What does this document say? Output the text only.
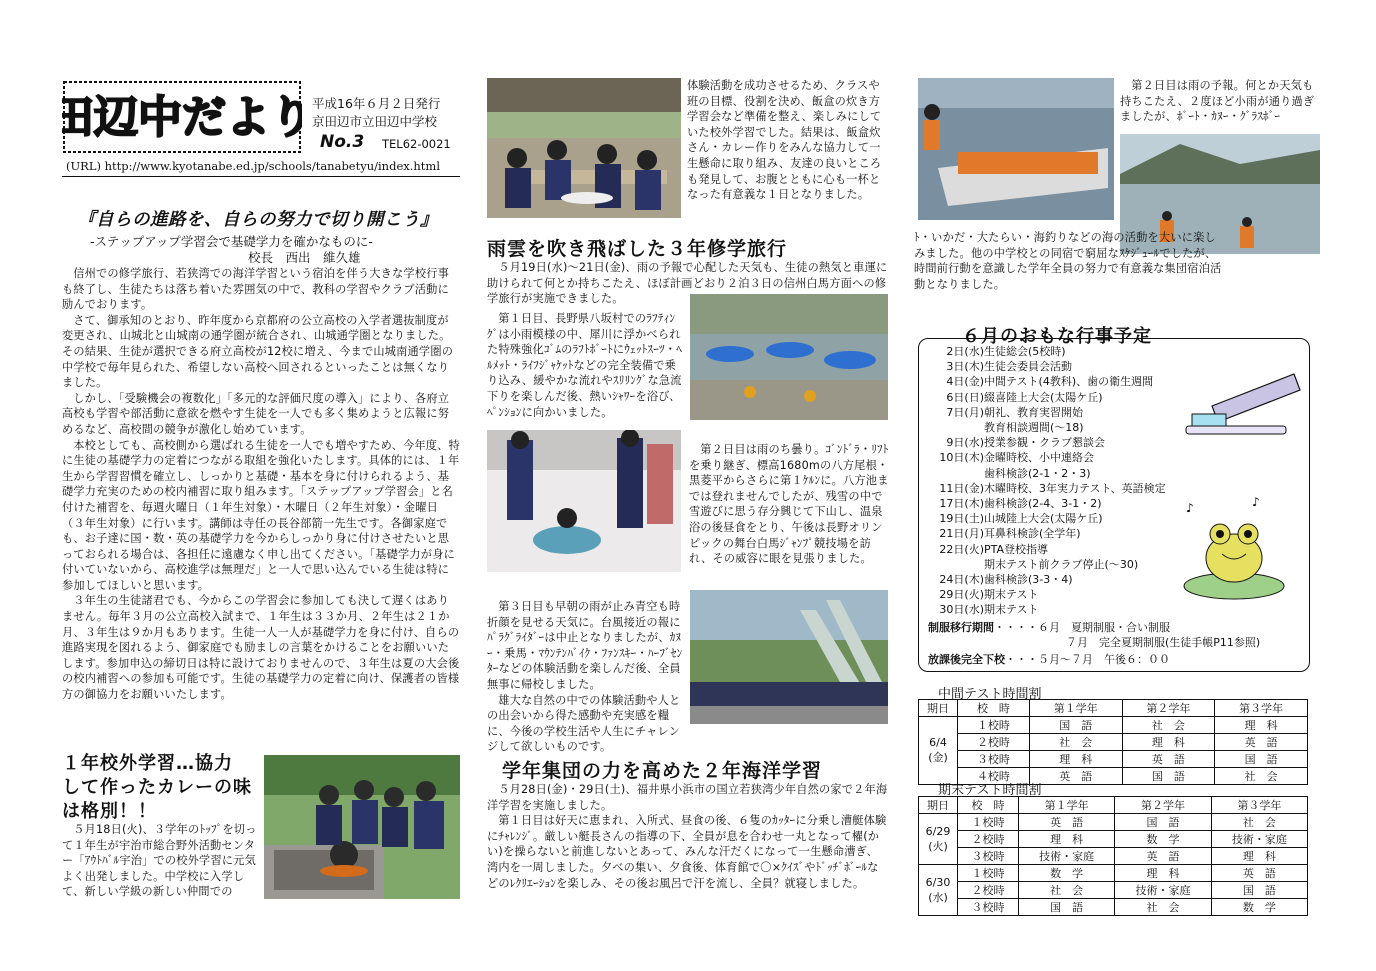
田辺中だより
平成16年６月２日発行
京田辺市立田辺中学校
No.3 TEL62-0021
(URL) http://www.kyotanabe.ed.jp/schools/tanabetyu/index.html
『自らの進路を、自らの努力で切り開こう』
-ステップアップ学習会で基礎学力を確かなものに-
校長　西出　維久雄

信州での修学旅行、若狭湾での海洋学習という宿泊を伴う大きな学校行事も終了し、生徒たちは落ち着いた雰囲気の中で、教科の学習やクラブ活動に励んでおります。

さて、御承知のとおり、昨年度から京都府の公立高校の入学者選抜制度が変更され、山城北と山城南の通学圏が統合され、山城通学圏となりました。その結果、生徒が選択できる府立高校が12校に増え、今まで山城南通学圏の中学校で毎年見られた、希望しない高校へ回されるといったことは無くなりました。

しかし、「受験機会の複数化」「多元的な評価尺度の導入」により、各府立高校も学習や部活動に意欲を燃やす生徒を一人でも多く集めようと広報に努めるなど、高校間の競争が激化し始めています。

本校としても、高校側から選ばれる生徒を一人でも増やすため、今年度、特に生徒の基礎学力の定着につながる取組を強化いたします。具体的には、１年生から学習習慣を確立し、しっかりと基礎・基本を身に付けられるよう、基礎学力充実のための校内補習に取り組みます。「ステップアップ学習会」と名付けた補習を、毎週火曜日（１年生対象）・木曜日（２年生対象）・金曜日（３年生対象）に行います。講師は寺任の長谷部箭一先生です。各御家庭でも、お子達に国・数・英の基礎学力を今からしっかり身に付けさせたいと思っておられる場合は、各担任に遠慮なく申し出てください。「基礎学力が身に付いていないから、高校進学は無理だ」と一人で思い込んでいる生徒は特に参加してほしいと思います。

３年生の生徒諸君でも、今からこの学習会に参加しても決して遅くはありません。毎年３月の公立高校入試まで、１年生は３３か月、２年生は２１か月、３年生は９か月もあります。生徒一人一人が基礎学力を身に付け、自らの進路実現を図れるよう、御家庭でも励ましの言葉をかけることをお願いいたします。参加申込の締切日は特に設けておりませんので、３年生は夏の大会後の校内補習への参加も可能です。生徒の基礎学力の定着に向け、保護者の皆様方の御協力をお願いいたします。

１年校外学習…協力
して作ったカレーの味
は格別！！

５月18日(火)、３学年のﾄｯﾌﾟを切って１年生が宇治市総合野外活動センター「ｱｳﾄﾊﾞﾙ宇治」での校外学習に元気よく出発しました。中学校に入学して、新しい学級の新しい仲間での

体験活動を成功させるため、クラスや班の目標、役割を決め、飯盒の炊き方学習会など準備を整え、楽しみにしていた校外学習でした。結果は、飯盒炊さん・カレー作りをみんな協力して一生懸命に取り組み、友達の良いところも発見して、お腹とともに心も一杯となった有意義な１日となりました。

雨雲を吹き飛ばした３年修学旅行

５月19日(水)～21日(金)、雨の予報で心配した天気も、生徒の熱気と車運に助けられて何とか持ちこたえ、ほぼ計画どおり２泊３日の信州白馬方面への修学旅行が実施できました。

第１日目、長野県八坂村でのﾗﾌﾃｨﾝｸﾞは小雨模様の中、犀川に浮かべられた特殊強化ｺﾞﾑのﾗﾌﾄﾎﾞｰﾄにｳｪｯﾄｽｰﾂ・ﾍﾙﾒｯﾄ・ﾗｲﾌｼﾞｬｹｯﾄなどの完全装備で乗り込み、緩やかな流れやｽﾘﾘﾝｸﾞな急流下りを楽しんだ後、熱いｼｬﾜｰを浴び、ﾍﾟﾝｼｮﾝに向かいました。

第２日目は雨のち曇り。ｺﾞﾝﾄﾞﾗ・ﾘﾌﾄを乗り継ぎ、標高1680mの八方尾根・黒菱平からさらに第１ｹﾙﾝに。八方池までは登れませんでしたが、残雪の中で雪遊びに思う存分興じて下山し、温泉浴の後昼食をとり、午後は長野オリンピックの舞台白馬ｼﾞｬﾝﾌﾟ競技場を訪れ、その威容に眼を見張りました。

第３日目も早朝の雨が止み青空も時折顔を見せる天気に。台風接近の報にﾊﾟﾗｸﾞﾗｲﾀﾞｰは中止となりましたが、ｶﾇｰ・乗馬・ﾏｳﾝﾃﾝﾊﾞｲｸ・ﾌｧﾝｽｷｰ・ﾊｰﾌﾞｾﾝﾀｰなどの体験活動を楽しんだ後、全員無事に帰校しました。

雄大な自然の中での体験活動や人との出会いから得た感動や充実感を糧に、今後の学校生活や人生にチャレンジして欲しいものです。

学年集団の力を高めた２年海洋学習

５月28日(金)・29日(土)、福井県小浜市の国立若狭湾少年自然の家で２年海洋学習を実施しました。

第１日目は好天に恵まれ、入所式、昼食の後、６隻のｶｯﾀｰに分乗し漕艇体験にﾁｬﾚﾝｼﾞ。厳しい艇長さんの指導の下、全員が息を合わせ一丸となって櫂(かい)を操らないと前進しないとあって、みんな汗だくになって一生懸命漕ぎ、湾内を一周しました。夕べの集い、夕食後、体育館で〇×ｸｲｽﾞやﾄﾞｯﾁﾞﾎﾞｰﾙなどのﾚｸﾘｴｰｼｮﾝを楽しみ、その後お風呂で汗を流し、全員？就寝しました。

第２日目は雨の予報。何とか天気も持ちこたえ、２度ほど小雨が通り過ぎましたが、ﾎﾞｰﾄ・ｶﾇｰ・ｸﾞﾗｽﾎﾞｰ

ﾄ・いかだ・大たらい・海釣りなどの海の活動を大いに楽しみました。他の中学校との同宿で窮屈なｽｹｼﾞｭｰﾙでしたが、時間前行動を意識した学年全員の努力で有意義な集団宿泊活動となりました。

６月のおもな行事予定
2日(水)生徒総会(5校時)
3日(木)生徒会委員会活動
4日(金)中間テスト(4教科)、歯の衛生週間
6日(日)綴喜陸上大会(太陽ケ丘)
7日(月)朝礼、教育実習開始
教育相談週間(～18)
9日(水)授業参観・クラブ懇談会
10日(木)金曜時校、小中連絡会
歯科検診(2-1・2・3)
11日(金)木曜時校、3年実力テスト、英語検定
17日(木)歯科検診(2-4、3-1・2)
19日(土)山城陸上大会(太陽ケ丘)
21日(月)耳鼻科検診(全学年)
22日(火)PTA登校指導
期末テスト前クラブ停止(～30)
24日(木)歯科検診(3-3・4)
29日(火)期末テスト
30日(水)期末テスト
制服移行期間・・・・６月　夏期制服・合い制服
７月　完全夏期制服(生徒手帳P11参照)
放課後完全下校・・・５月～７月　午後６：００
♪
♪
中間テスト時間割
期日	校　時	第１学年	第２学年	第３学年

6/4
(金)	１校時	国　語	社　会	理　科
	２校時	社　会	理　科	英　語
	３校時	理　科	英　語	国　語
	４校時	英　語	国　語	社　会
期末テスト時間割
期日	校　時	第１学年	第２学年	第３学年

6/29
(火)	１校時	英　語	国　語	社　会
	２校時	理　科	数　学	技術・家庭
	３校時	技術・家庭	英　語	理　科

6/30
(水)	１校時	数　学	理　科	英　語
	２校時	社　会	技術・家庭	国　語
	３校時	国　語	社　会	数　学
